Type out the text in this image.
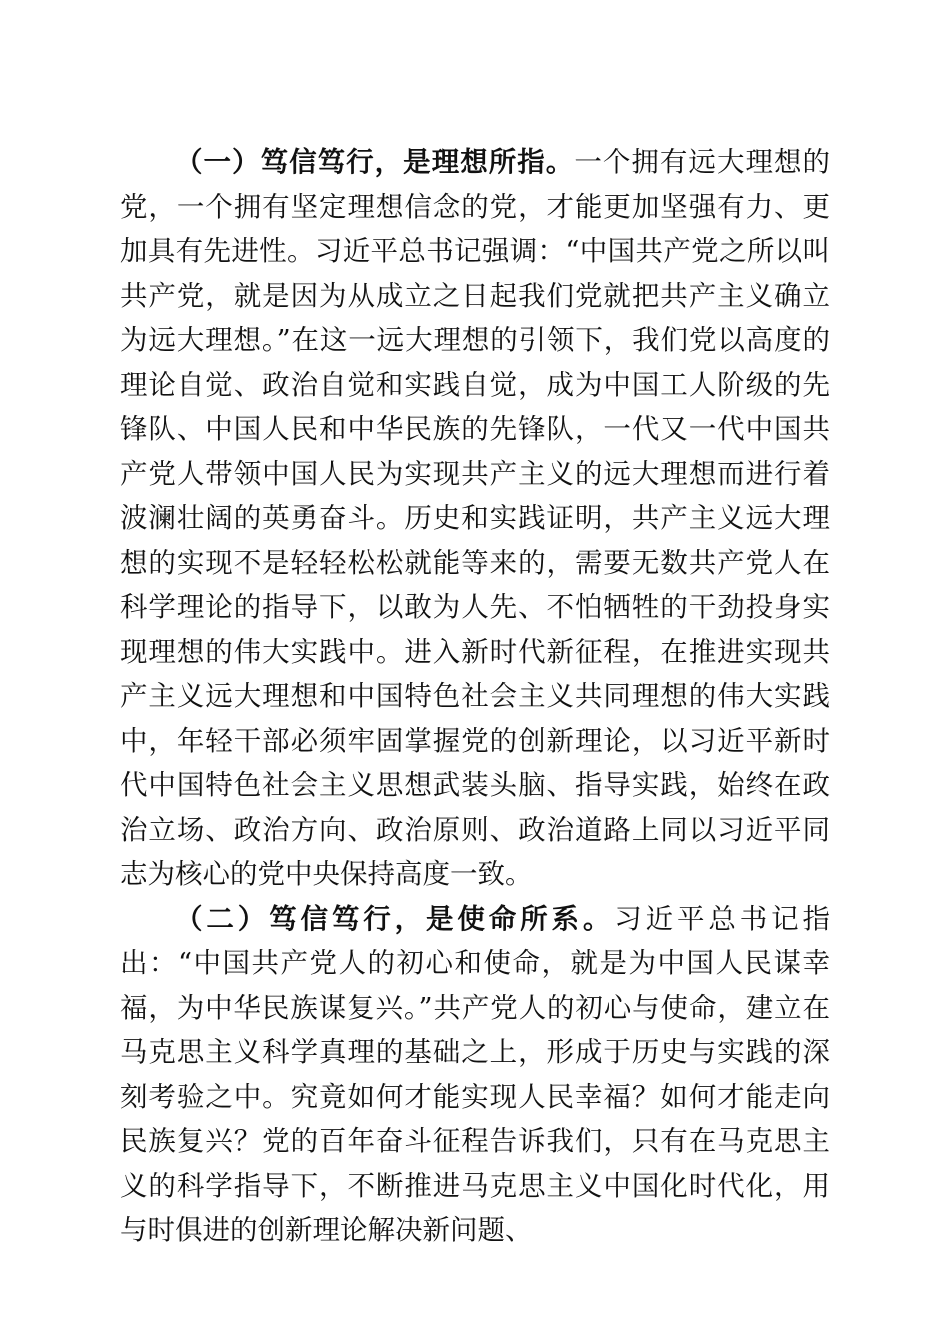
（一）笃信笃行，是理想所指。一个拥有远大理想的党，一个拥有坚定理想信念的党，才能更加坚强有力、更加具有先进性。习近平总书记强调：“中国共产党之所以叫共产党，就是因为从成立之日起我们党就把共产主义确立为远大理想。”在这一远大理想的引领下，我们党以高度的理论自觉、政治自觉和实践自觉，成为中国工人阶级的先锋队、中国人民和中华民族的先锋队，一代又一代中国共产党人带领中国人民为实现共产主义的远大理想而进行着波澜壮阔的英勇奋斗。历史和实践证明，共产主义远大理想的实现不是轻轻松松就能等来的，需要无数共产党人在科学理论的指导下，以敢为人先、不怕牺牲的干劲投身实现理想的伟大实践中。进入新时代新征程，在推进实现共产主义远大理想和中国特色社会主义共同理想的伟大实践中，年轻干部必须牢固掌握党的创新理论，以习近平新时代中国特色社会主义思想武装头脑、指导实践，始终在政治立场、政治方向、政治原则、政治道路上同以习近平同志为核心的党中央保持高度一致。

（二）笃信笃行，是使命所系。习近平总书记指出：“中国共产党人的初心和使命，就是为中国人民谋幸福，为中华民族谋复兴。”共产党人的初心与使命，建立在马克思主义科学真理的基础之上，形成于历史与实践的深刻考验之中。究竟如何才能实现人民幸福？如何才能走向民族复兴？党的百年奋斗征程告诉我们，只有在马克思主义的科学指导下，不断推进马克思主义中国化时代化，用与时俱进的创新理论解决新问题、
